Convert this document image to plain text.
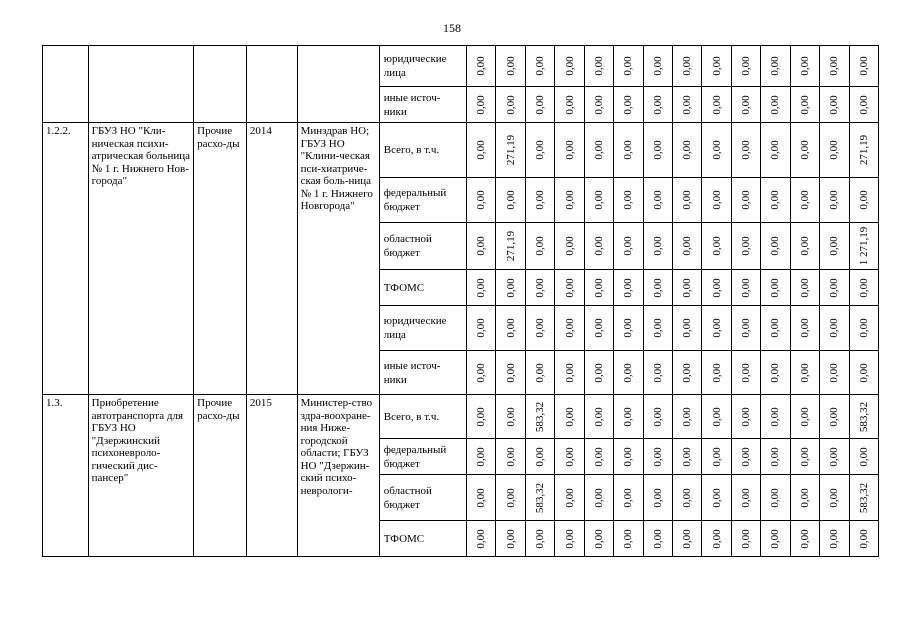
158
					юридические лица	0,00	0,00	0,00	0,00	0,00	0,00	0,00	0,00	0,00	0,00	0,00	0,00	0,00	0,00

					иные источ-ники	0,00	0,00	0,00	0,00	0,00	0,00	0,00	0,00	0,00	0,00	0,00	0,00	0,00	0,00

1.2.2.	ГБУЗ НО "Кли-ническая психи-атрическая больница № 1 г. Нижнего Нов-города"	Прочие расхо-ды	2014	Минздрав НО; ГБУЗ НО "Клини-ческая пси-хиатриче-ская боль-ница № 1 г. Нижнего Новгорода"	Всего, в т.ч.	0,00	271,19	0,00	0,00	0,00	0,00	0,00	0,00	0,00	0,00	0,00	0,00	0,00	271,19

					федеральный бюджет	0,00	0,00	0,00	0,00	0,00	0,00	0,00	0,00	0,00	0,00	0,00	0,00	0,00	0,00

					областной бюджет	0,00	271,19	0,00	0,00	0,00	0,00	0,00	0,00	0,00	0,00	0,00	0,00	0,00	1 271,19

					ТФОМС	0,00	0,00	0,00	0,00	0,00	0,00	0,00	0,00	0,00	0,00	0,00	0,00	0,00	0,00

					юридические лица	0,00	0,00	0,00	0,00	0,00	0,00	0,00	0,00	0,00	0,00	0,00	0,00	0,00	0,00

					иные источ-ники	0,00	0,00	0,00	0,00	0,00	0,00	0,00	0,00	0,00	0,00	0,00	0,00	0,00	0,00

1.3.	Приобретение автотранспорта для ГБУЗ НО "Дзержинский психоневроло-гический дис-пансер"	Прочие расхо-ды	2015	Министер-ство здра-воохране-ния Ниже-городской области; ГБУЗ НО "Дзержин-ский психо-неврологи-	Всего, в т.ч.	0,00	0,00	583,32	0,00	0,00	0,00	0,00	0,00	0,00	0,00	0,00	0,00	0,00	583,32

					федеральный бюджет	0,00	0,00	0,00	0,00	0,00	0,00	0,00	0,00	0,00	0,00	0,00	0,00	0,00	0,00

					областной бюджет	0,00	0,00	583,32	0,00	0,00	0,00	0,00	0,00	0,00	0,00	0,00	0,00	0,00	583,32

					ТФОМС	0,00	0,00	0,00	0,00	0,00	0,00	0,00	0,00	0,00	0,00	0,00	0,00	0,00	0,00
